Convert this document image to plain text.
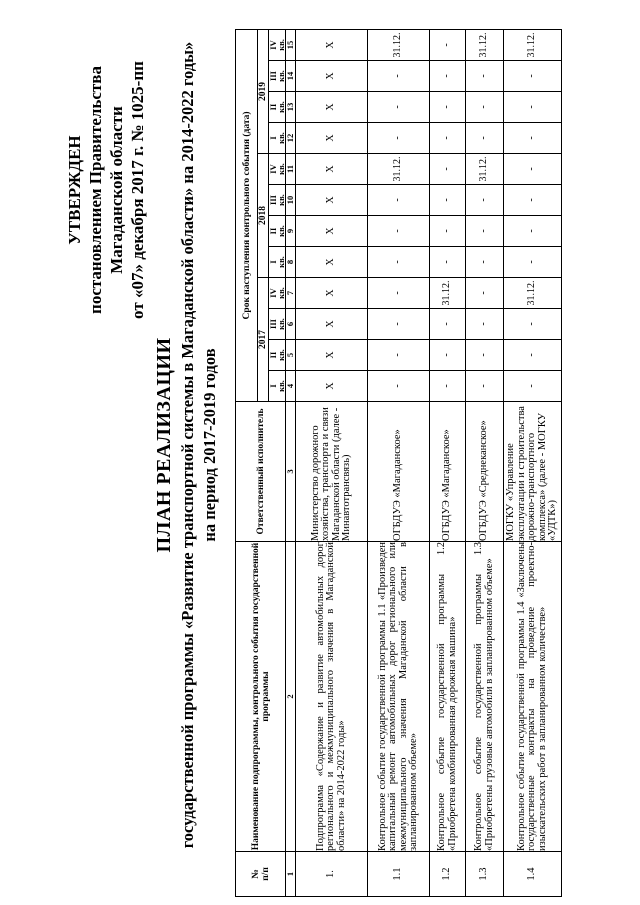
УТВЕРЖДЕН постановлением Правительства Магаданской области от «07» декабря 2017 г. № 1025-пп
ПЛАН РЕАЛИЗАЦИИ государственной программы «Развитие транспортной системы в Магаданской области» на 2014-2022 годы» на период 2017-2019 годов
№ п/п	Наименование подпрограммы, контрольного события государственной программы	Ответственный исполнитель	Срок наступления контрольного события (дата)											
			2017				2018				2019			
			I кв.	II кв.	III кв.	IV кв.	I кв.	II кв.	III кв.	IV кв.	I кв.	II кв.	III кв.	IV кв.
1	2	3	4	5	6	7	8	9	10	11	12	13	14	15
1.	Подпрограмма «Содержание и развитие автомобильных дорог регионального и межмуниципального значения в Магаданской области» на 2014-2022 годы»	Министерство дорожного хозяйства, транспорта и связи Магаданской области (далее - Минавтотрансвязь)	X	X	X	X	X	X	X	X	X	X	X	X
1.1	Контрольное событие государственной программы 1.1 «Произведен капитальный ремонт автомобильных дорог регионального или межмуниципального значения Магаданской области в запланированном объеме»	ОГБДУЭ «Магаданское»	-	-	-	-	-	-	-	31.12.	-	-	-	31.12.
1.2	Контрольное событие государственной программы 1.2 «Приобретена комбинированная дорожная машина»	ОГБДУЭ «Магаданское»	-	-	-	31.12.	-	-	-	-	-	-	-	-
1.3	Контрольное событие государственной программы 1.3 «Приобретены грузовые автомобили в запланированном объеме»	ОГБДУЭ «Среднеканское»	-	-	-	-	-	-	-	31.12.	-	-	-	31.12.
1.4	Контрольное событие государственной программы 1.4 «Заключены государственные контракты на проведение проектно-изыскательских работ в запланированном количестве»	МОГКУ «Управление эксплуатации и строительства дорожно-транспортного комплекса» (далее - МОГКУ «УДТК»)	-	-	-	31.12.	-	-	-	-	-	-	-	31.12.
